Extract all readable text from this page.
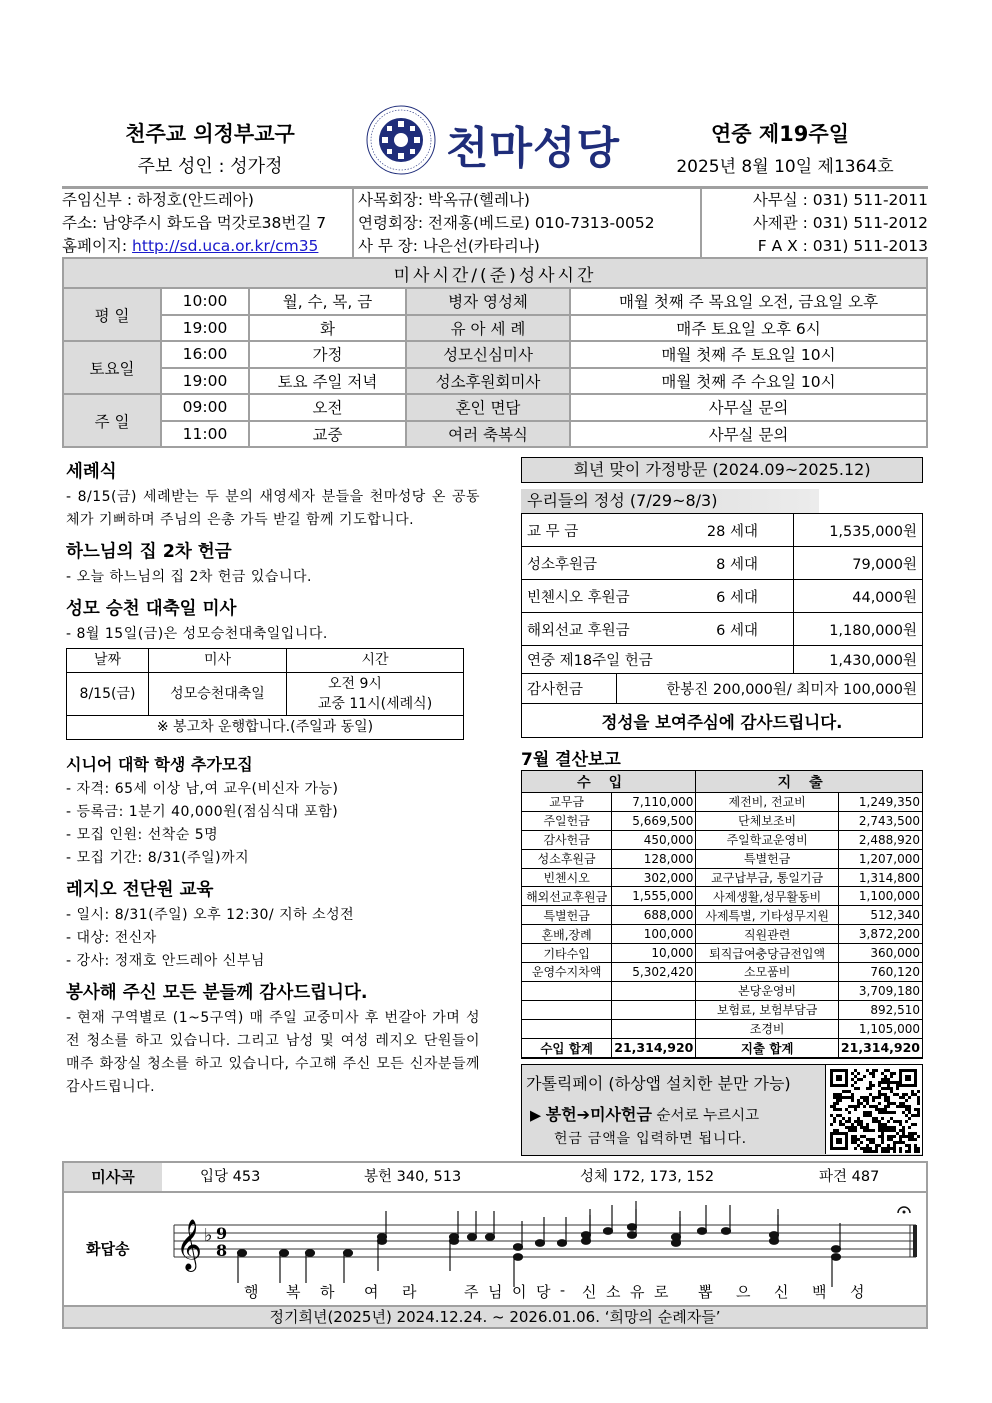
천주교 의정부교구
주보 성인 : 성가정	천마성당	연중 제19주일
2025년 8월 10일 제1364호
주임신부 : 하정호(안드레아)
주소: 남양주시 화도읍 먹갓로38번길 7
홈페이지: http://sd.uca.or.kr/cm35
사목회장: 박옥규(헬레나)
연령회장: 전재홍(베드로) 010-7313-0052
사 무 장: 나은선(카타리나)
사무실 : 031) 511-2011
사제관 : 031) 511-2012
F A X : 031) 511-2013
미사시간/(준)성사시간				
평 일	10:00	월, 수, 목, 금	병자 영성체	매월 첫째 주 목요일 오전, 금요일 오후
	19:00	화	유 아 세 례	매주 토요일 오후 6시
토요일	16:00	가정	성모신심미사	매월 첫째 주 토요일 10시
	19:00	토요 주일 저녁	성소후원회미사	매월 첫째 주 수요일 10시
주 일	09:00	오전	혼인 면담	사무실 문의
	11:00	교중	여러 축복식	사무실 문의
세례식
- 8/15(금) 세례받는 두 분의 새영세자 분들을 천마성당 온 공동체가 기뻐하며 주님의 은총 가득 받길 함께 기도합니다.
하느님의 집 2차 헌금
- 오늘 하느님의 집 2차 헌금 있습니다.
성모 승천 대축일 미사
- 8월 15일(금)은 성모승천대축일입니다.
날짜	미사	시간
8/15(금)	성모승천대축일	오전 9시
교중 11시(세례식)

※ 봉고차 운행합니다.(주일과 동일)		
시니어 대학 학생 추가모집
- 자격: 65세 이상 남,여 교우(비신자 가능)
- 등록금: 1분기 40,000원(점심식대 포함)
- 모집 인원: 선착순 5명
- 모집 기간: 8/31(주일)까지
레지오 전단원 교육
- 일시: 8/31(주일) 오후 12:30/ 지하 소성전
- 대상: 전신자
- 강사: 정재호 안드레아 신부님
봉사해 주신 모든 분들께 감사드립니다.
- 현재 구역별로 (1~5구역) 매 주일 교중미사 후 번갈아 가며 성전 청소를 하고 있습니다. 그리고 남성 및 여성 레지오 단원들이 매주 화장실 청소를 하고 있습니다, 수고해 주신 모든 신자분들께 감사드립니다.
희년 맞이 가정방문 (2024.09~2025.12)
우리들의 정성 (7/29~8/3)
교 무 금 28 세대		1,535,000원
성소후원금 8 세대		79,000원
빈첸시오 후원금 6 세대		44,000원
해외선교 후원금 6 세대		1,180,000원
연중 제18주일 헌금		1,430,000원
감사헌금	한봉진 200,000원/ 최미자 100,000원	
정성을 보여주심에 감사드립니다.		
7월 결산보고
수입		지출	
교무금	7,110,000	제전비, 전교비	1,249,350
주일헌금	5,669,500	단체보조비	2,743,500
감사헌금	450,000	주일학교운영비	2,488,920
성소후원금	128,000	특별헌금	1,207,000
빈첸시오	302,000	교구납부금, 통일기금	1,314,800
해외선교후원금	1,555,000	사제생활,성무활동비	1,100,000
특별헌금	688,000	사제특별, 기타성무지원	512,340
혼배,장례	100,000	직원관련	3,872,200
기타수입	10,000	퇴직급여충당금전입액	360,000
운영수지차액	5,302,420	소모품비	760,120
		본당운영비	3,709,180
		보험료, 보험부담금	892,510
		조경비	1,105,000
수입 합계	21,314,920	지출 합계	21,314,920
가톨릭페이 (하상앱 설치한 분만 가능)
▶ 봉헌➔미사헌금 순서로 누르시고
헌금 금액을 입력하면 됩니다.
미사곡	입당 453	봉헌 340, 513	성체 172, 173, 152	파견 487
화답송 𝄞 ♭ 9
8
행 복 하 여 라	주 님 이 당 - 신 소 유 로 뽑 으 신 백 성
정기희년(2025년) 2024.12.24. ~ 2026.01.06. ‘희망의 순례자들’
